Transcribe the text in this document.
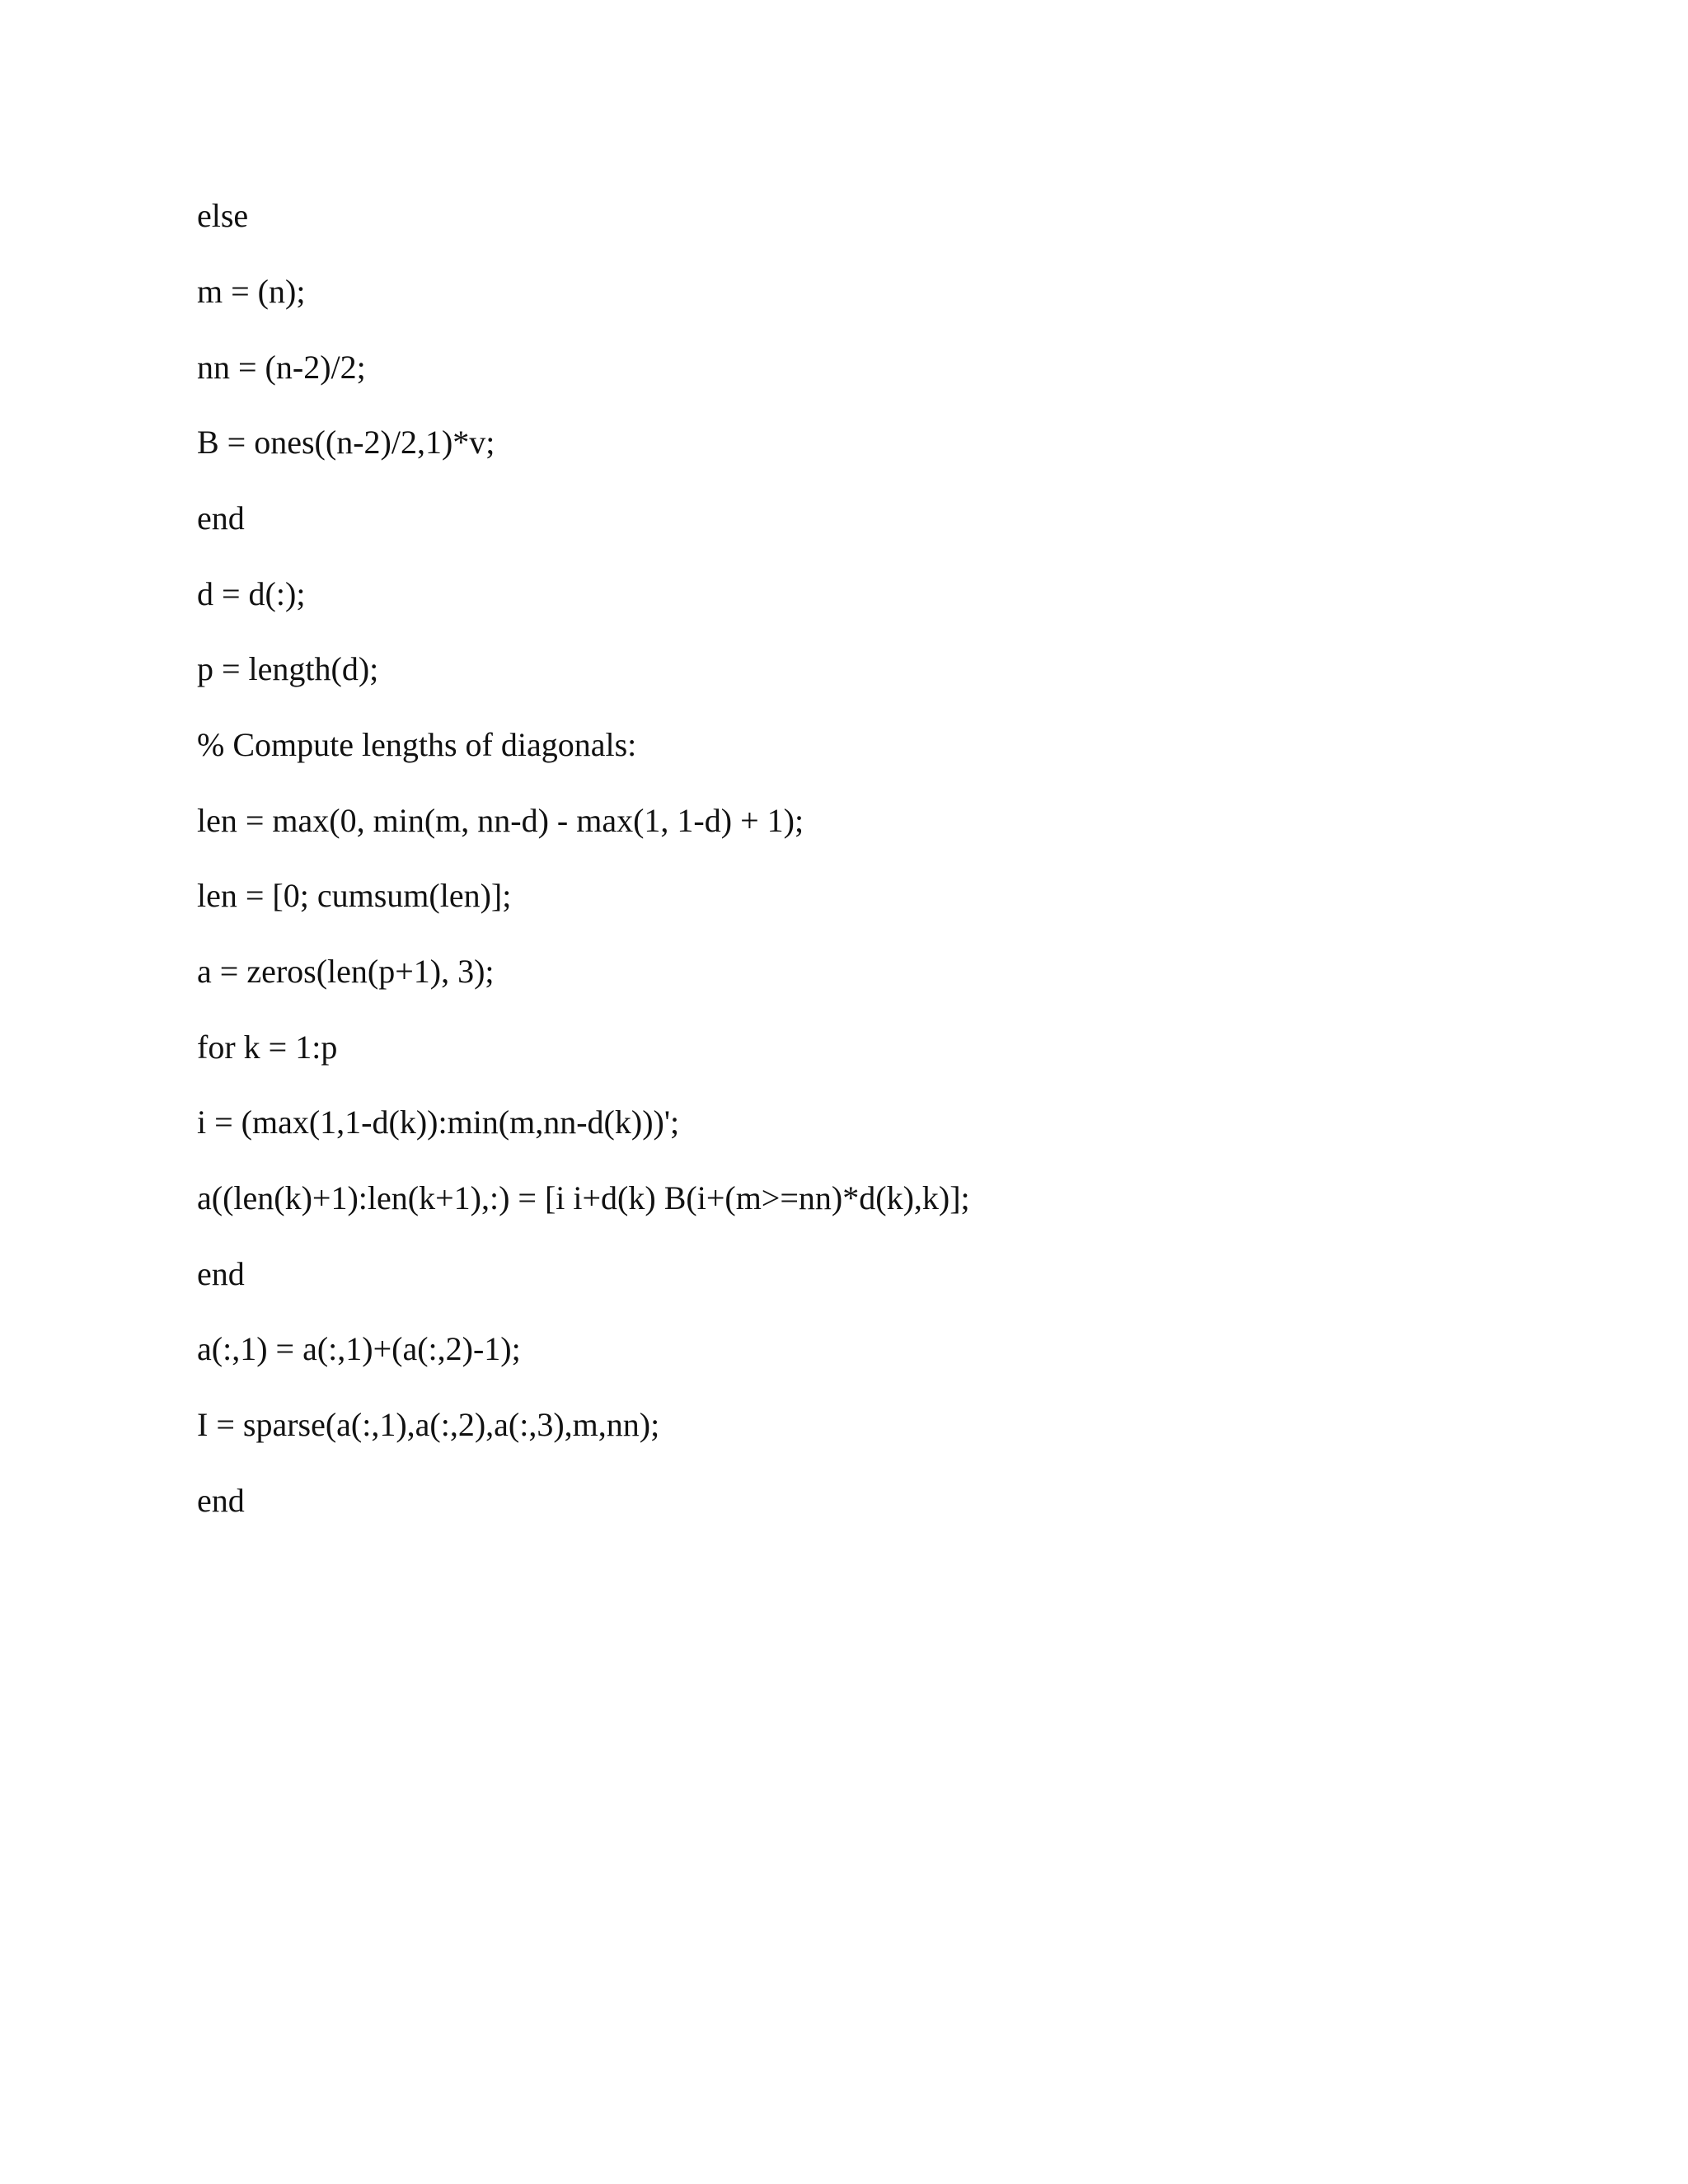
else
m = (n);
nn = (n-2)/2;
B = ones((n-2)/2,1)*v;
end
d = d(:);
p = length(d);
% Compute lengths of diagonals:
len = max(0, min(m, nn-d) - max(1, 1-d) + 1);
len = [0; cumsum(len)];
a = zeros(len(p+1), 3);
for k = 1:p
i = (max(1,1-d(k)):min(m,nn-d(k)))';
a((len(k)+1):len(k+1),:) = [i i+d(k) B(i+(m>=nn)*d(k),k)];
end
a(:,1) = a(:,1)+(a(:,2)-1);
I = sparse(a(:,1),a(:,2),a(:,3),m,nn);
end
